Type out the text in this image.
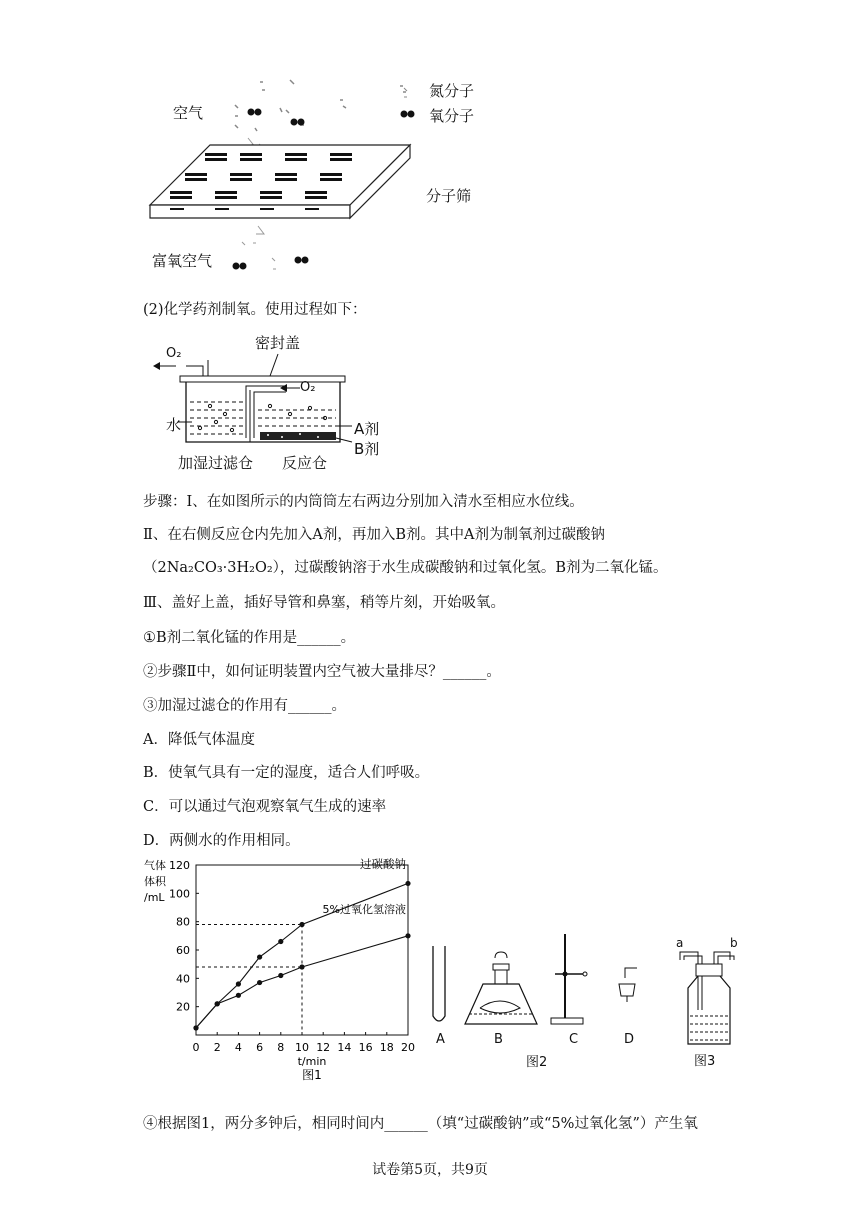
空气
氮分子
氧分子
分子筛
富氧空气
(2)化学药剂制氧。使用过程如下：
密封盖
O₂
O₂
水	A剂
B剂
加湿过滤仓 反应仓
步骤：Ⅰ、在如图所示的内筒筒左右两边分别加入清水至相应水位线。
Ⅱ、在右侧反应仓内先加入A剂，再加入B剂。其中A剂为制氧剂过碳酸钠
（2Na₂CO₃·3H₂O₂），过碳酸钠溶于水生成碳酸钠和过氧化氢。B剂为二氧化锰。
Ⅲ、盖好上盖，插好导管和鼻塞，稍等片刻，开始吸氧。
①B剂二氧化锰的作用是______。
②步骤Ⅱ中，如何证明装置内空气被大量排尽？______。
③加湿过滤仓的作用有______。
A．降低气体温度
B．使氧气具有一定的湿度，适合人们呼吸。
C．可以通过气泡观察氧气生成的速率
D．两侧水的作用相同。
0 2 4 6 8 10 12 14 16 18 20
20
40
60
80
100
120
气体
体积
/mL
t/min
图1
过碳酸钠
5%过氧化氢溶液
A	B	C	D
图2
a	b
图3
④根据图1，两分多钟后，相同时间内______（填“过碳酸钠”或“5%过氧化氢”）产生氧
试卷第5页，共9页
